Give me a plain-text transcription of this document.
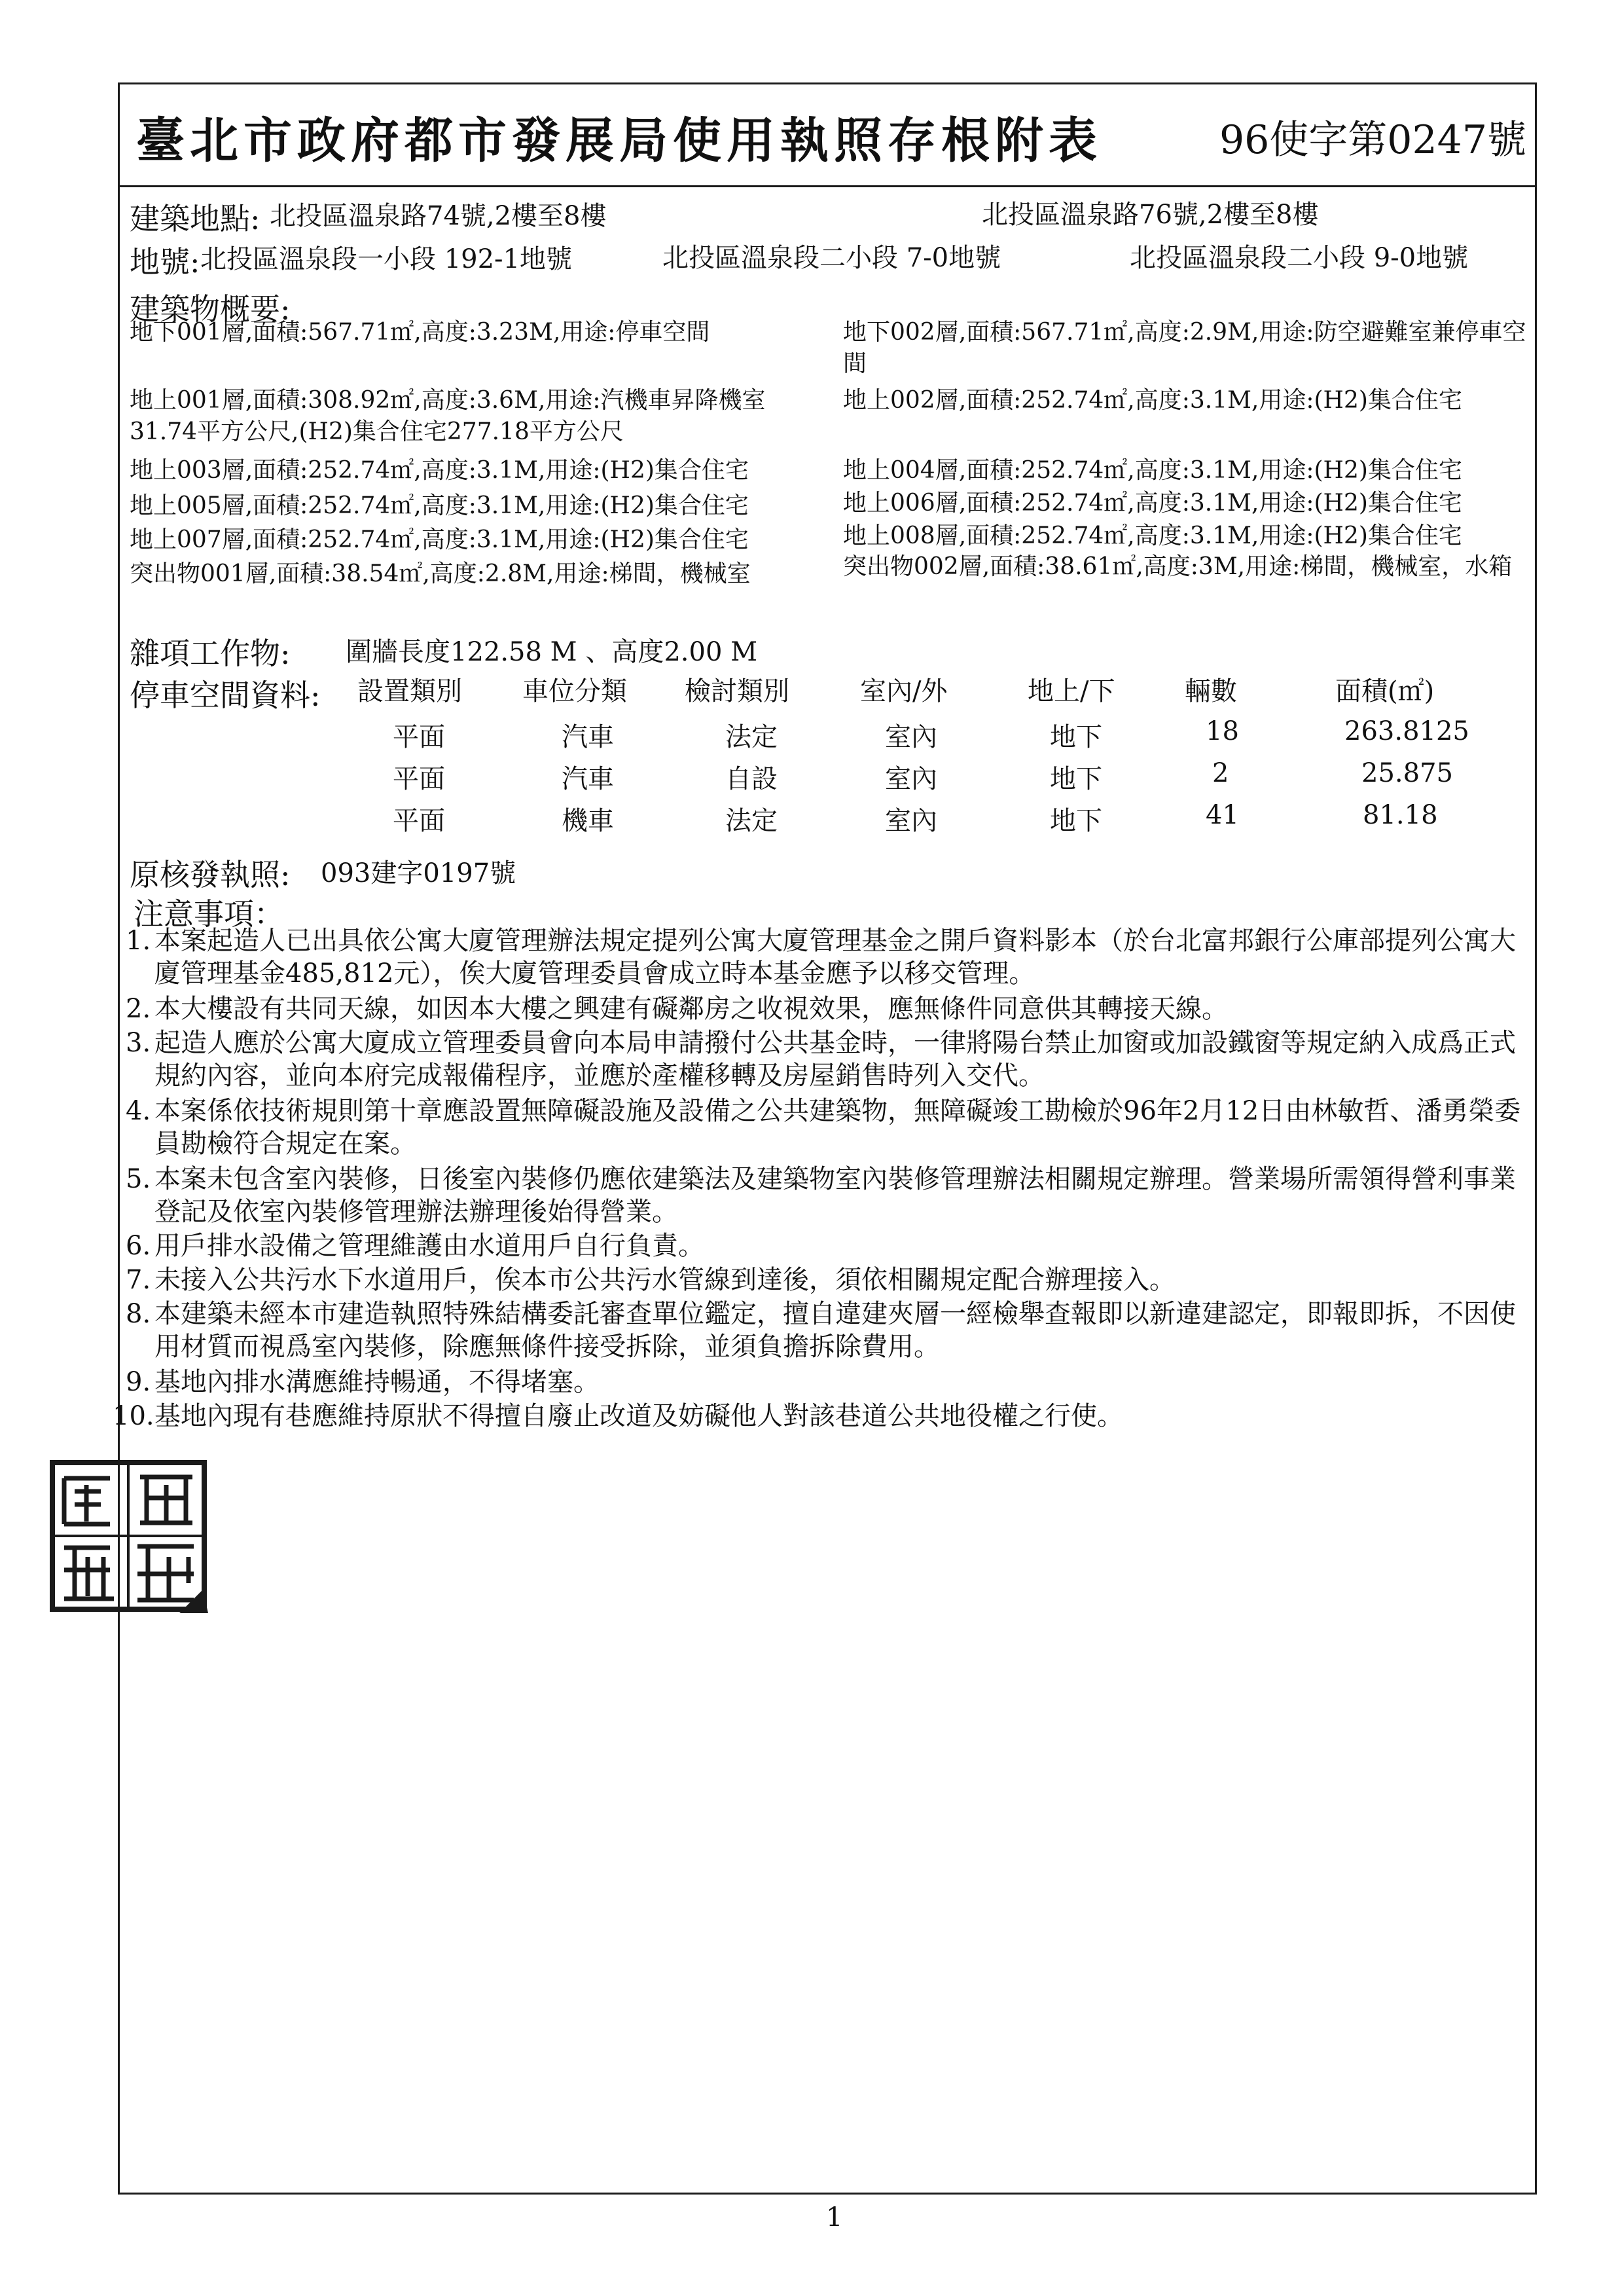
臺北市政府都市發展局使用執照存根附表	96使字第0247號
建築地點: 北投區溫泉路74號,2樓至8樓	北投區溫泉路76號,2樓至8樓
地號: 北投區溫泉段一小段 192-1地號	北投區溫泉段二小段 7-0地號	北投區溫泉段二小段 9-0地號
建築物概要:
地下001層,面積:567.71㎡,高度:3.23M,用途:停車空間	地下002層,面積:567.71㎡,高度:2.9M,用途:防空避難室兼停車空間
地上001層,面積:308.92㎡,高度:3.6M,用途:汽機車昇降機室31.74平方公尺,(H2)集合住宅277.18平方公尺
地上002層,面積:252.74㎡,高度:3.1M,用途:(H2)集合住宅
地上003層,面積:252.74㎡,高度:3.1M,用途:(H2)集合住宅	地上004層,面積:252.74㎡,高度:3.1M,用途:(H2)集合住宅
地上005層,面積:252.74㎡,高度:3.1M,用途:(H2)集合住宅	地上006層,面積:252.74㎡,高度:3.1M,用途:(H2)集合住宅
地上007層,面積:252.74㎡,高度:3.1M,用途:(H2)集合住宅	地上008層,面積:252.74㎡,高度:3.1M,用途:(H2)集合住宅
突出物001層,面積:38.54㎡,高度:2.8M,用途:梯間，機械室	突出物002層,面積:38.61㎡,高度:3M,用途:梯間，機械室，水箱
雜項工作物: 圍牆長度122.58 M 、高度2.00 M
停車空間資料: 設置類別 車位分類 檢討類別	室內/外	地上/下	輛數	面積(㎡)
平面	汽車	法定	室內	地下	18	263.8125
平面	汽車	自設	室內	地下	2	25.875
平面	機車	法定	室內	地下	41	81.18
原核發執照: 093建字0197號
注意事項：
1. 本案起造人已出具依公寓大廈管理辦法規定提列公寓大廈管理基金之開戶資料影本（於台北富邦銀行公庫部提列公寓大廈管理基金485,812元），俟大廈管理委員會成立時本基金應予以移交管理。
2. 本大樓設有共同天線，如因本大樓之興建有礙鄰房之收視效果，應無條件同意供其轉接天線。
3. 起造人應於公寓大廈成立管理委員會向本局申請撥付公共基金時，一律將陽台禁止加窗或加設鐵窗等規定納入成爲正式規約內容，並向本府完成報備程序，並應於產權移轉及房屋銷售時列入交代。
4. 本案係依技術規則第十章應設置無障礙設施及設備之公共建築物，無障礙竣工勘檢於96年2月12日由林敏哲、潘勇榮委員勘檢符合規定在案。
5. 本案未包含室內裝修，日後室內裝修仍應依建築法及建築物室內裝修管理辦法相關規定辦理。營業場所需領得營利事業登記及依室內裝修管理辦法辦理後始得營業。
6. 用戶排水設備之管理維護由水道用戶自行負責。
7. 未接入公共污水下水道用戶，俟本市公共污水管線到達後，須依相關規定配合辦理接入。
8. 本建築未經本市建造執照特殊結構委託審查單位鑑定，擅自違建夾層一經檢舉查報即以新違建認定，即報即拆，不因使用材質而視爲室內裝修，除應無條件接受拆除，並須負擔拆除費用。
9. 基地內排水溝應維持暢通，不得堵塞。
10. 基地內現有巷應維持原狀不得擅自廢止改道及妨礙他人對該巷道公共地役權之行使。
1
